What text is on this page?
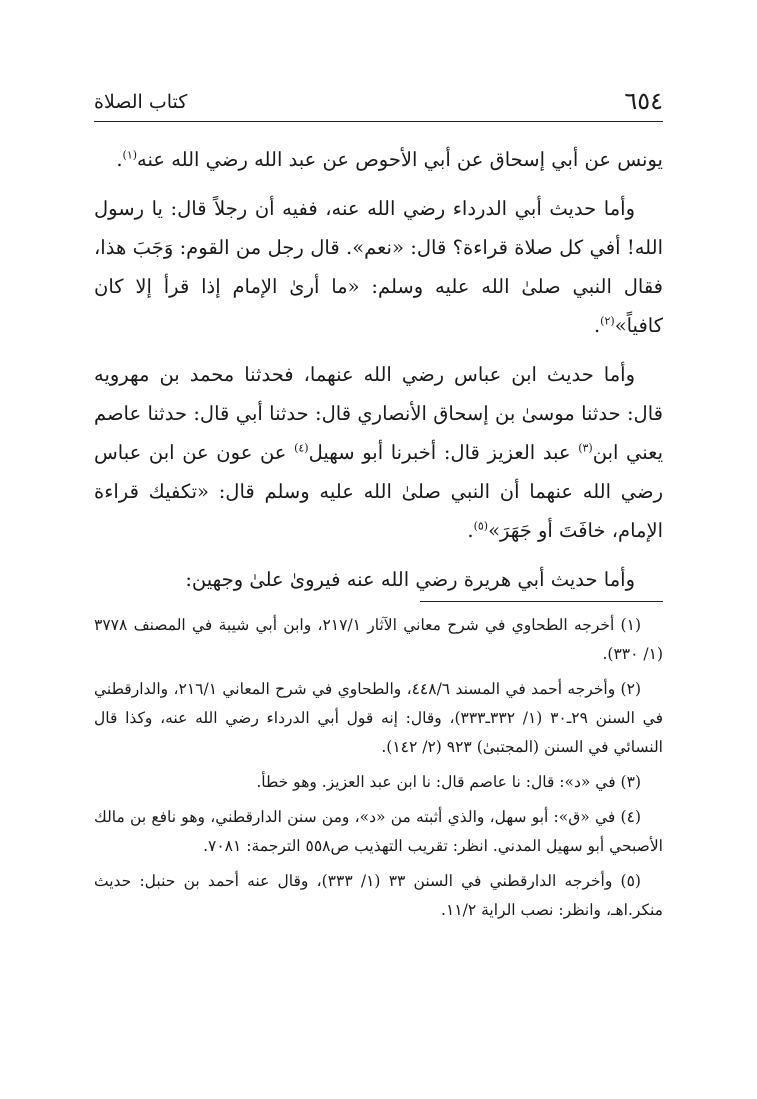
٦٥٤
كتاب الصلاة

يونس عن أبي إسحاق عن أبي الأحوص عن عبد الله رضي الله عنه$^{(١)}$.

وأما حديث أبي الدرداء رضي الله عنه، ففيه أن رجلاً قال: يا رسول الله! أفي كل صلاة قراءة؟ قال: «نعم». قال رجل من القوم: وَجَبَ هذا، فقال النبي صلىٰ الله عليه وسلم: «ما أرىٰ الإمام إذا قرأ إلا كان كافياً»$^{(٢)}$.

وأما حديث ابن عباس رضي الله عنهما، فحدثنا محمد بن مهرويه قال: حدثنا موسىٰ بن إسحاق الأنصاري قال: حدثنا أبي قال: حدثنا عاصم يعني ابن$^{(٣)}$ عبد العزيز قال: أخبرنا أبو سهيل$^{(٤)}$ عن عون عن ابن عباس رضي الله عنهما أن النبي صلىٰ الله عليه وسلم قال: «تكفيك قراءة الإمام، خافَتَ أو جَهَرَ»$^{(٥)}$.

وأما حديث أبي هريرة رضي الله عنه فيروىٰ علىٰ وجهين:

(١) أخرجه الطحاوي في شرح معاني الآثار ٢١٧/١، وابن أبي شيبة في المصنف ٣٧٧٨ (١/ ٣٣٠).

(٢) وأخرجه أحمد في المسند ٤٤٨/٦، والطحاوي في شرح المعاني ٢١٦/١، والدارقطني في السنن ٢٩ـ٣٠ (١/ ٣٣٢ـ٣٣٣)، وقال: إنه قول أبي الدرداء رضي الله عنه، وكذا قال النسائي في السنن (المجتبىٰ) ٩٢٣ (٢/ ١٤٢).

(٣) في «د»: قال: نا عاصم قال: نا ابن عبد العزيز. وهو خطأ.

(٤) في «ق»: أبو سهل، والذي أثبته من «د»، ومن سنن الدارقطني، وهو نافع بن مالك الأصبحي أبو سهيل المدني. انظر: تقريب التهذيب ص٥٥٨ الترجمة: ٧٠٨١.

(٥) وأخرجه الدارقطني في السنن ٣٣ (١/ ٣٣٣)، وقال عنه أحمد بن حنبل: حديث منكر.اهـ، وانظر: نصب الراية ١١/٢.
